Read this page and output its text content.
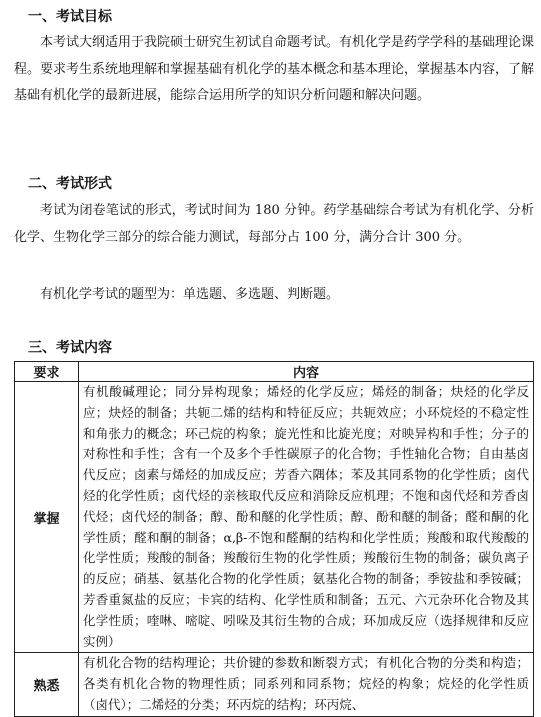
一、考试目标

本考试大纲适用于我院硕士研究生初试自命题考试。有机化学是药学学科的基础理论课程。要求考生系统地理解和掌握基础有机化学的基本概念和基本理论，掌握基本内容，了解基础有机化学的最新进展，能综合运用所学的知识分析问题和解决问题。

二、考试形式

考试为闭卷笔试的形式，考试时间为 180 分钟。药学基础综合考试为有机化学、分析化学、生物化学三部分的综合能力测试，每部分占 100 分，满分合计 300 分。

有机化学考试的题型为：单选题、多选题、判断题。

三、考试内容
要求	内容
掌握	有机酸碱理论；同分异构现象；烯烃的化学反应；烯烃的制备；炔烃的化学反应；炔烃的制备；共轭二烯的结构和特征反应；共轭效应；小环烷烃的不稳定性和角张力的概念；环己烷的构象；旋光性和比旋光度；对映异构和手性；分子的对称性和手性；含有一个及多个手性碳原子的化合物；手性轴化合物；自由基卤代反应；卤素与烯烃的加成反应；芳香六隅体；苯及其同系物的化学性质；卤代烃的化学性质；卤代烃的亲核取代反应和消除反应机理；不饱和卤代烃和芳香卤代烃；卤代烃的制备；醇、酚和醚的化学性质；醇、酚和醚的制备；醛和酮的化学性质；醛和酮的制备；α,β-不饱和醛酮的结构和化学性质；羧酸和取代羧酸的化学性质；羧酸的制备；羧酸衍生物的化学性质；羧酸衍生物的制备；碳负离子的反应；硝基、氨基化合物的化学性质；氨基化合物的制备；季铵盐和季铵碱；芳香重氮盐的反应；卡宾的结构、化学性质和制备；五元、六元杂环化合物及其化学性质；喹啉、嘧啶、吲哚及其衍生物的合成；环加成反应（选择规律和反应实例）
熟悉	有机化合物的结构理论；共价键的参数和断裂方式；有机化合物的分类和构造；各类有机化合物的物理性质；同系列和同系物；烷烃的构象；烷烃的化学性质（卤代）；二烯烃的分类；环丙烷的结构；环丙烷、
